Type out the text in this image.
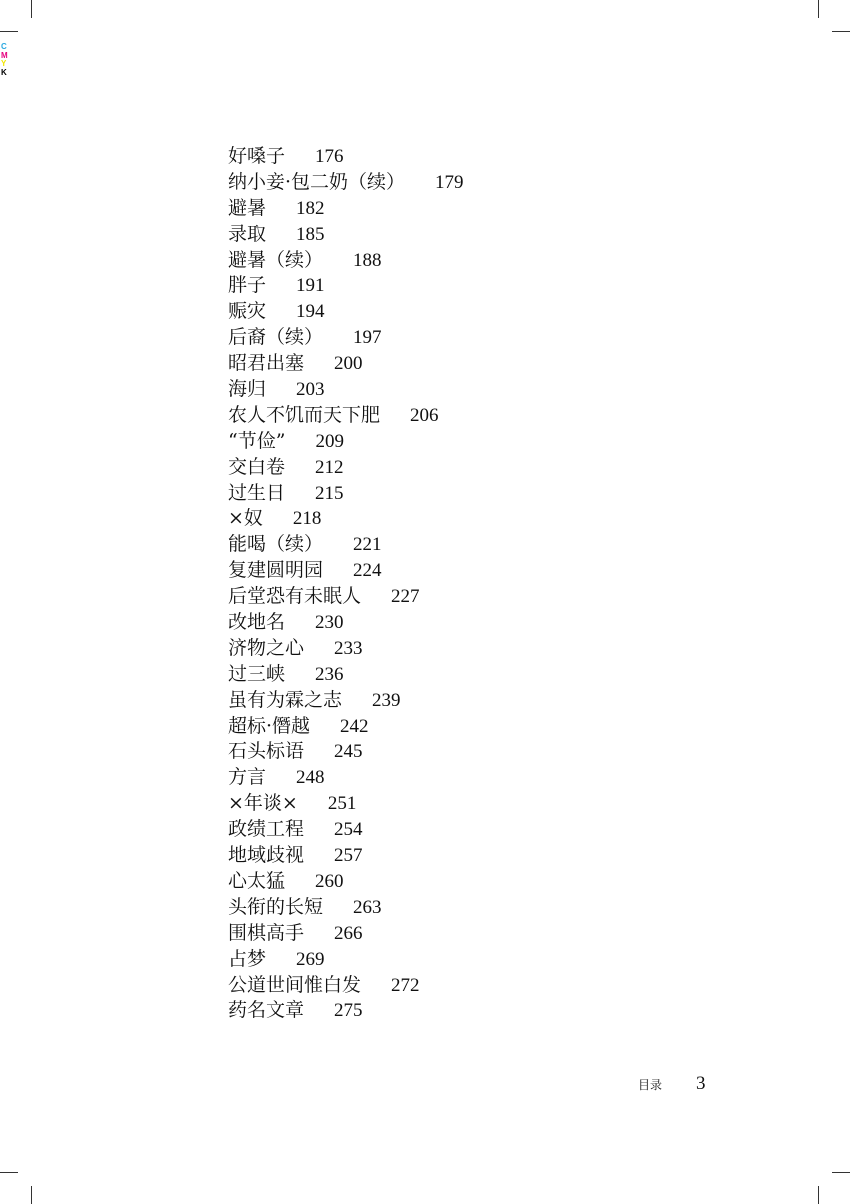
C
M
Y
K
好嗓子 176
纳小妾·包二奶（续） 179
避暑 182
录取 185
避暑（续） 188
胖子 191
赈灾 194
后裔（续） 197
昭君出塞 200
海归 203
农人不饥而天下肥 206
“节俭” 209
交白卷 212
过生日 215
×奴 218
能喝（续） 221
复建圆明园 224
后堂恐有未眠人 227
改地名 230
济物之心 233
过三峡 236
虽有为霖之志 239
超标·僭越 242
石头标语 245
方言 248
×年谈× 251
政绩工程 254
地域歧视 257
心太猛 260
头衔的长短 263
围棋高手 266
占梦 269
公道世间惟白发 272
药名文章 275
目录 3
